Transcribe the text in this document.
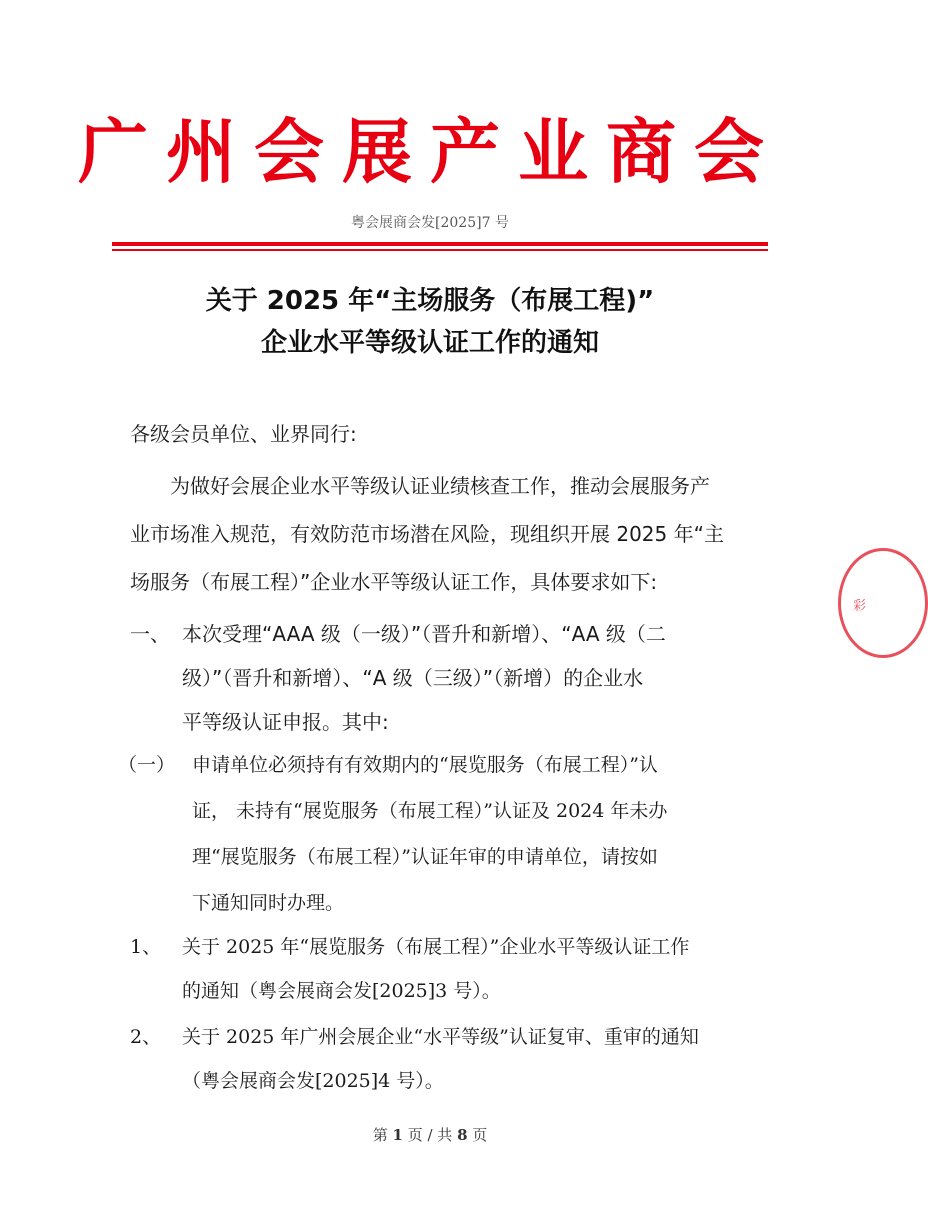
广州会展产业商会
粤会展商会发[2025]7 号
关于 2025 年“主场服务（布展工程)”
企业水平等级认证工作的通知
各级会员单位、业界同行:
为做好会展企业水平等级认证业绩核查工作，推动会展服务产
业市场准入规范，有效防范市场潜在风险，现组织开展 2025 年“主
场服务（布展工程）”企业水平等级认证工作，具体要求如下:
一、 本次受理“AAA 级（一级）”（晋升和新增）、“AA 级（二
级）”（晋升和新增）、“A 级（三级）”（新增）的企业水
平等级认证申报。其中:
（一） 申请单位必须持有有效期内的“展览服务（布展工程）”认
证， 未持有“展览服务（布展工程）”认证及 2024 年未办
理“展览服务（布展工程）”认证年审的申请单位，请按如
下通知同时办理。
1、 关于 2025 年“展览服务（布展工程）”企业水平等级认证工作
的通知（粤会展商会发[2025]3 号）。
2、 关于 2025 年广州会展企业“水平等级”认证复审、重审的通知
（粤会展商会发[2025]4 号）。
第 1 页 / 共 8 页
彩
